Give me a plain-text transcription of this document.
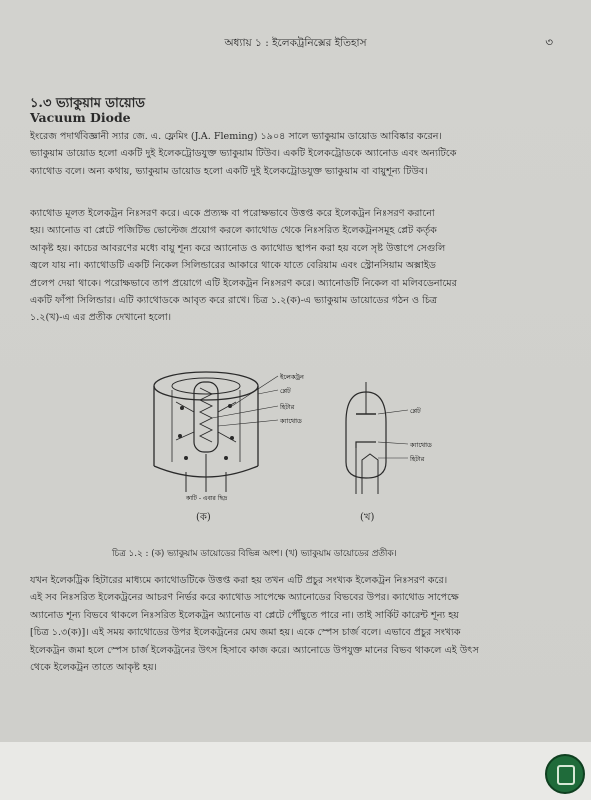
অধ্যায় ১ : ইলেকট্রনিক্সের ইতিহাস	৩
১.৩ ভ্যাকুয়াম ডায়োড
Vacuum Diode
ইংরেজ পদার্থবিজ্ঞানী স্যার জে. এ. ফ্লেমিং (J.A. Fleming) ১৯০৪ সালে ভ্যাকুয়াম ডায়োড আবিষ্কার করেন।
ভ্যাকুয়াম ডায়োড হলো একটি দুই ইলেকট্রোডযুক্ত ভ্যাকুয়াম টিউব। একটি ইলেকট্রোডকে অ্যানোড এবং অন্যটিকে
ক্যাথোড বলে। অন্য কথায়, ভ্যাকুয়াম ডায়োড হলো একটি দুই ইলেকট্রোডযুক্ত ভ্যাকুয়াম বা বায়ুশূন্য টিউব।
ক্যাথোড মূলত ইলেকট্রন নিঃসরণ করে। একে প্রত্যক্ষ বা পরোক্ষভাবে উত্তপ্ত করে ইলেকট্রন নিঃসরণ করানো
হয়। অ্যানোড বা প্লেটে পজিটিভ ভোল্টেজ প্রয়োগ করলে ক্যাথোড থেকে নিঃসরিত ইলেকট্রনসমূহ প্লেট কর্তৃক
আকৃষ্ট হয়। কাচের আবরণের মধ্যে বায়ু শূন্য করে অ্যানোড ও ক্যাথোড স্থাপন করা হয় বলে সৃষ্ট উত্তাপে সেগুলি
জ্বলে যায় না। ক্যাথোডটি একটি নিকেল সিলিন্ডারের আকারে থাকে যাতে বেরিয়াম এবং স্ট্রোনসিয়াম অক্সাইড
প্রলেপ দেয়া থাকে। পরোক্ষভাবে তাপ প্রয়োগে এটি ইলেকট্রন নিঃসরণ করে। অ্যানোডটি নিকেল বা মলিবডেনামের
একটি ফাঁপা সিলিন্ডার। এটি ক্যাথোডকে আবৃত করে রাখে। চিত্র ১.২(ক)-এ ভ্যাকুয়াম ডায়োডের গঠন ও চিত্র
১.২(খ)-এ এর প্রতীক দেখানো হলো।
ইলেকট্রন
প্লেট
হিটার
ক্যাথোড
কাটি - এবার ছিদ্র
প্লেট
ক্যাথোড
হিটার
(ক)	(খ)
চিত্র ১.২ : (ক) ভ্যাকুয়াম ডায়োডের বিভিন্ন অংশ। (খ) ভ্যাকুয়াম ডায়োডের প্রতীক।
যখন ইলেকট্রিক হিটারের মাধ্যমে ক্যাথোডটিকে উত্তপ্ত করা হয় তখন এটি প্রচুর সংখ্যক ইলেকট্রন নিঃসরণ করে।
এই সব নিঃসরিত ইলেকট্রনের আচরণ নির্ভর করে ক্যাথোড সাপেক্ষে অ্যানোডের বিভবের উপর। ক্যাথোড সাপেক্ষে
অ্যানোড শূন্য বিভবে থাকলে নিঃসরিত ইলেকট্রন অ্যানোড বা প্লেটে পৌঁছুতে পারে না। তাই সার্কিট কারেন্ট শূন্য হয়
[চিত্র ১.৩(ক)]। এই সময় ক্যাথোডের উপর ইলেকট্রনের মেঘ জমা হয়। একে স্পেস চার্জ বলে। এভাবে প্রচুর সংখ্যক
ইলেকট্রন জমা হলে স্পেস চার্জ ইলেকট্রনের উৎস হিসাবে কাজ করে। অ্যানোডে উপযুক্ত মানের বিভব থাকলে এই উৎস
থেকে ইলেকট্রন তাতে আকৃষ্ট হয়।
